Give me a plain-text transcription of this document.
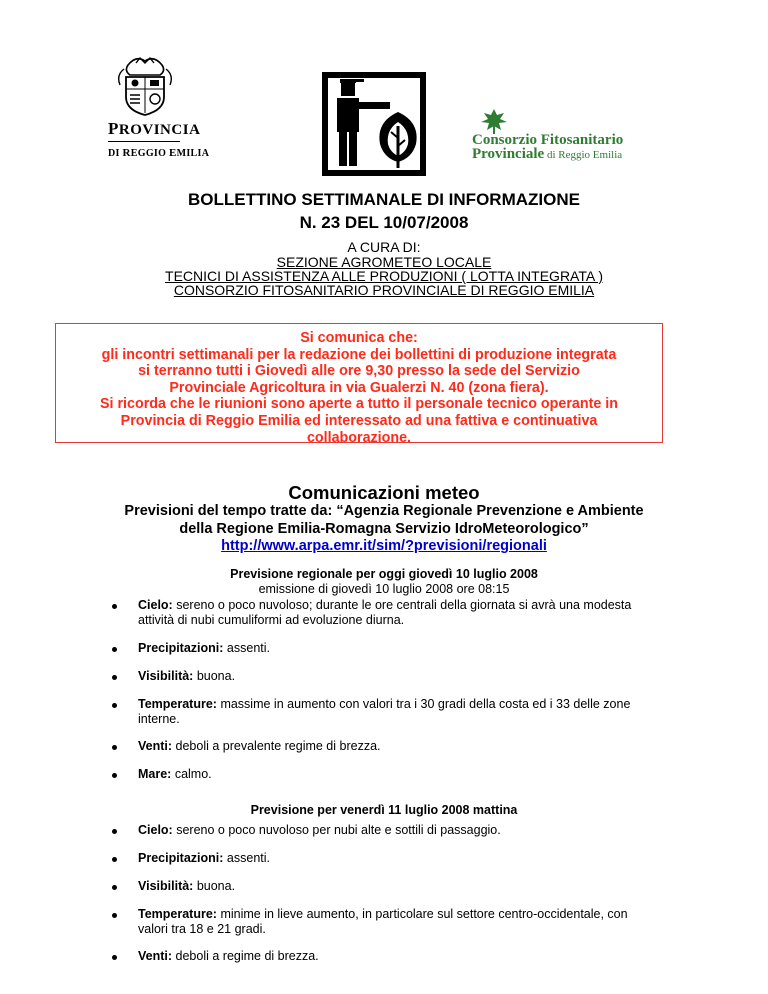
PROVINCIA
DI REGGIO EMILIA
Consorzio Fitosanitario
Provinciale di Reggio Emilia
BOLLETTINO SETTIMANALE DI INFORMAZIONE
N. 23 DEL 10/07/2008
A CURA DI:
SEZIONE AGROMETEO LOCALE
TECNICI DI ASSISTENZA ALLE PRODUZIONI ( LOTTA INTEGRATA )
CONSORZIO FITOSANITARIO PROVINCIALE DI REGGIO EMILIA

Si comunica che:

gli incontri settimanali per la redazione dei bollettini di produzione integrata

si terranno tutti i Giovedì alle ore 9,30 presso la sede del Servizio

Provinciale Agricoltura in via Gualerzi N. 40 (zona fiera).

Si ricorda che le riunioni sono aperte a tutto il personale tecnico operante in

Provincia di Reggio Emilia ed interessato ad una fattiva e continuativa

collaborazione.

Comunicazioni meteo
Previsioni del tempo tratte da: “Agenzia Regionale Prevenzione e Ambiente
della Regione Emilia-Romagna Servizio IdroMeteorologico”
http://www.arpa.emr.it/sim/?previsioni/regionali
Previsione regionale per oggi giovedì 10 luglio 2008
emissione di giovedì 10 luglio 2008 ore 08:15
Cielo: sereno o poco nuvoloso; durante le ore centrali della giornata si avrà una modesta attività di nubi cumuliformi ad evoluzione diurna.
Precipitazioni: assenti.
Visibilità: buona.
Temperature: massime in aumento con valori tra i 30 gradi della costa ed i 33 delle zone interne.
Venti: deboli a prevalente regime di brezza.
Mare: calmo.
Previsione per venerdì 11 luglio 2008 mattina
Cielo: sereno o poco nuvoloso per nubi alte e sottili di passaggio.
Precipitazioni: assenti.
Visibilità: buona.
Temperature: minime in lieve aumento, in particolare sul settore centro-occidentale, con valori tra 18 e 21 gradi.
Venti: deboli a regime di brezza.
